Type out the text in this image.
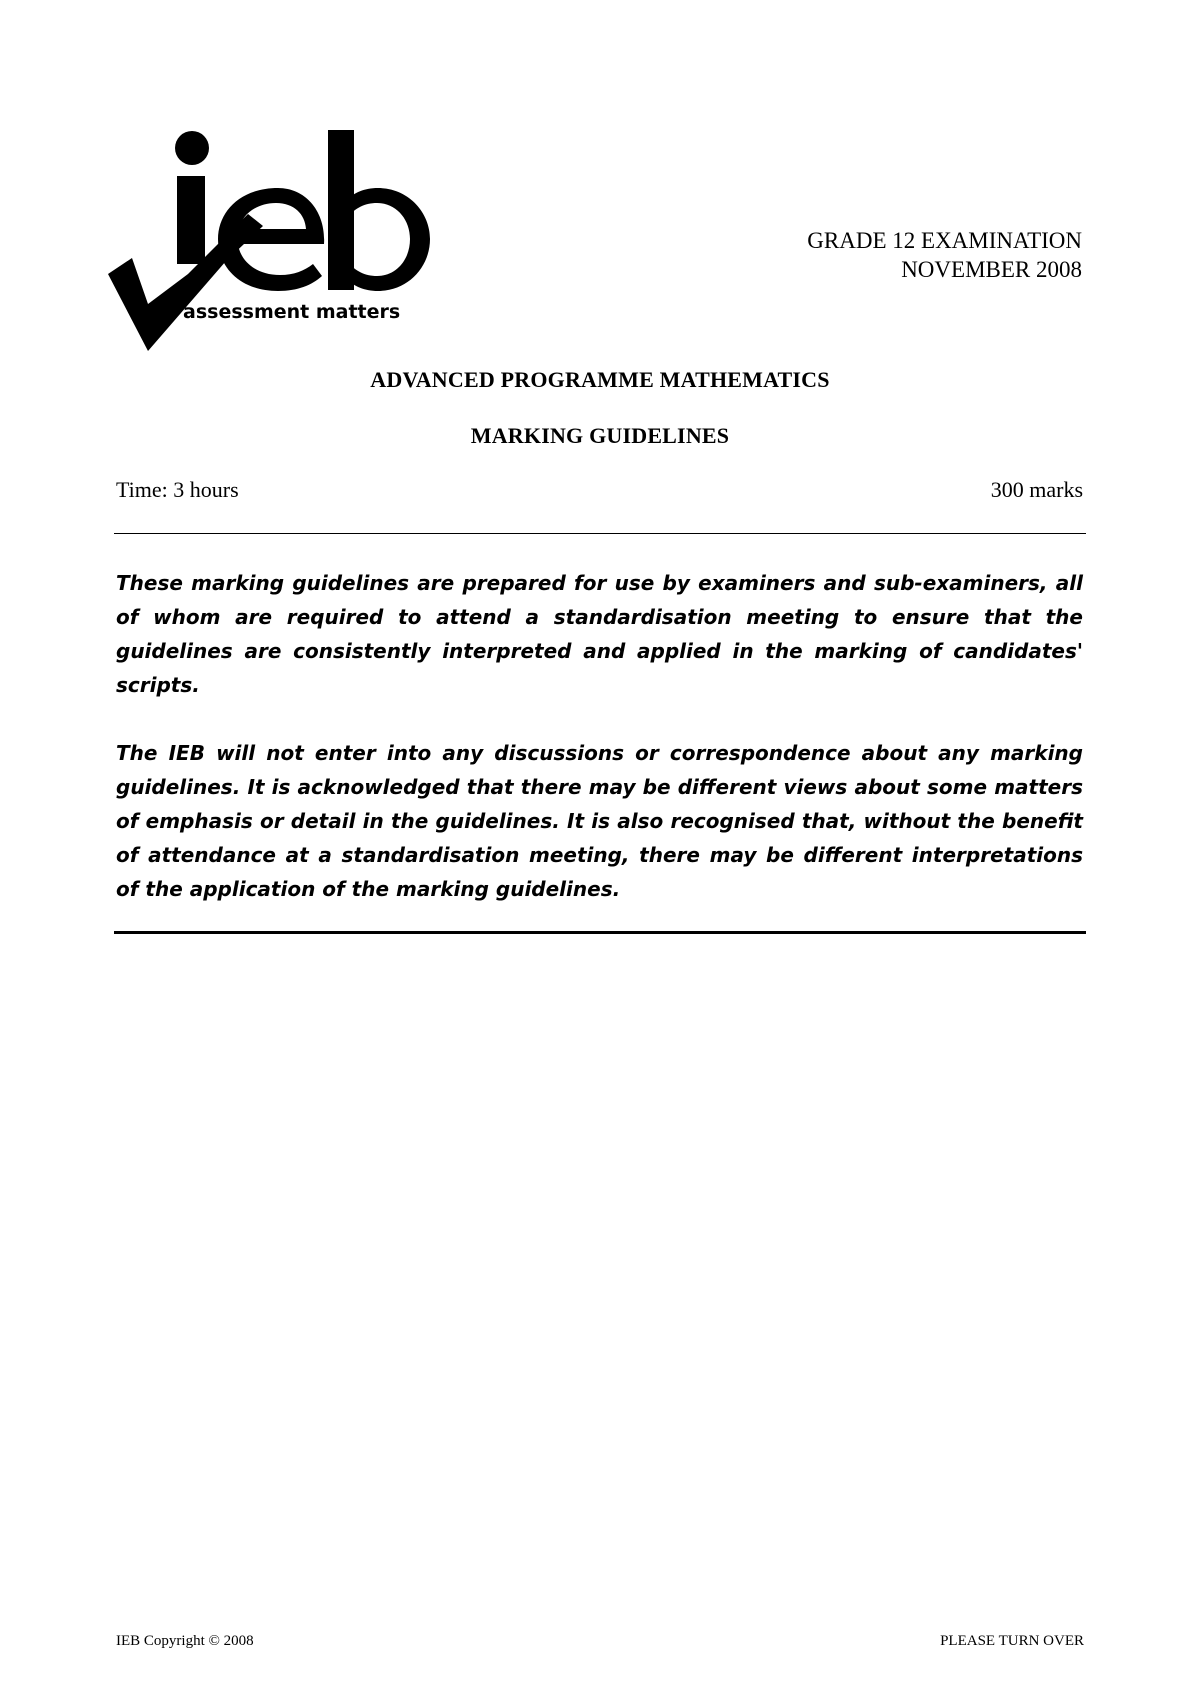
assessment matters
GRADE 12 EXAMINATION
NOVEMBER 2008
ADVANCED PROGRAMME MATHEMATICS
MARKING GUIDELINES
Time: 3 hours	300 marks

These marking guidelines are prepared for use by examiners and sub-examiners, all of whom are required to attend a standardisation meeting to ensure that the guidelines are consistently interpreted and applied in the marking of candidates' scripts.

The IEB will not enter into any discussions or correspondence about any marking guidelines. It is acknowledged that there may be different views about some matters of emphasis or detail in the guidelines. It is also recognised that, without the benefit of attendance at a standardisation meeting, there may be different interpretations of the application of the marking guidelines.

IEB Copyright © 2008	PLEASE TURN OVER
